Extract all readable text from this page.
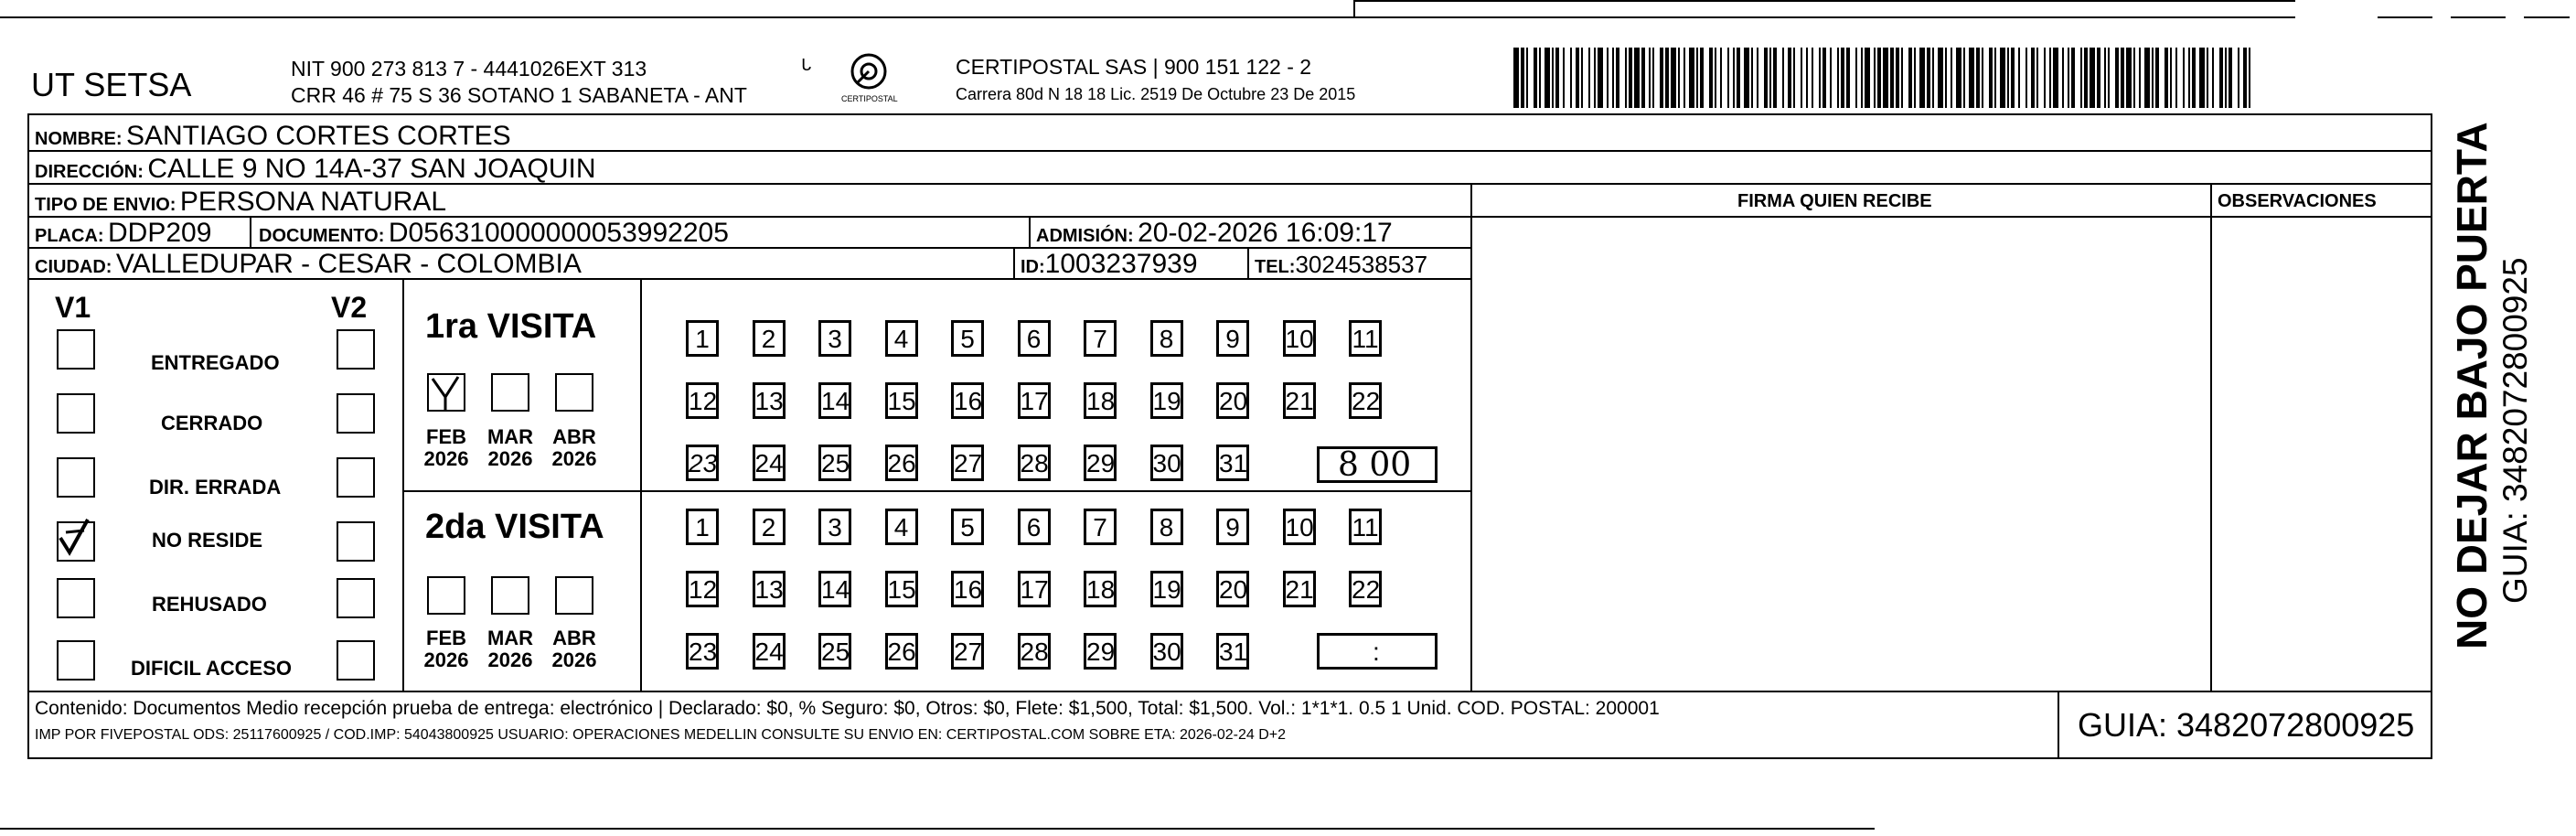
UT SETSA	NIT 900 273 813 7 - 4441026EXT 313
CRR 46 # 75 S 36 SOTANO 1 SABANETA - ANT
ᒐ
CERTIPOSTAL
CERTIPOSTAL SAS | 900 151 122 - 2
Carrera 80d N 18 18 Lic. 2519 De Octubre 23 De 2015
NOMBRE: SANTIAGO CORTES CORTES
DIRECCIÓN: CALLE 9 NO 14A-37 SAN JOAQUIN
TIPO DE ENVIO: PERSONA NATURAL
PLACA: DDP209	DOCUMENTO: D056310000000053992205	ADMISIÓN: 20-02-2026 16:09:17
CIUDAD: VALLEDUPAR - CESAR - COLOMBIA	ID:1003237939	TEL:3024538537
FIRMA QUIEN RECIBE	OBSERVACIONES
V1	V2
ENTREGADO
CERRADO
DIR. ERRADA
NO RESIDE
REHUSADO
DIFICIL ACCESO
1ra VISITA
FEB
2026
MAR
2026
ABR
2026
2da VISITA
FEB
2026
MAR
2026
ABR
2026
1	2	3	4	5	6	7	8	9	10 11
12 13 14 15 16 17 18 19 20 21 22
23 24 25 26 27 28 29 30 31
1	2	3	4	5	6	7	8	9	10 11
12 13 14 15 16 17 18 19 20 21 22
23 24 25 26 27 28 29 30 31
8 00
:
Contenido: Documentos Medio recepción prueba de entrega: electrónico | Declarado: $0, % Seguro: $0, Otros: $0, Flete: $1,500, Total: $1,500. Vol.: 1*1*1. 0.5 1 Unid. COD. POSTAL: 200001
IMP POR FIVEPOSTAL ODS: 25117600925 / COD.IMP: 54043800925 USUARIO: OPERACIONES MEDELLIN CONSULTE SU ENVIO EN: CERTIPOSTAL.COM SOBRE ETA: 2026-02-24 D+2	GUIA: 3482072800925
NO DEJAR BAJO PUERTA GUIA: 3482072800925
